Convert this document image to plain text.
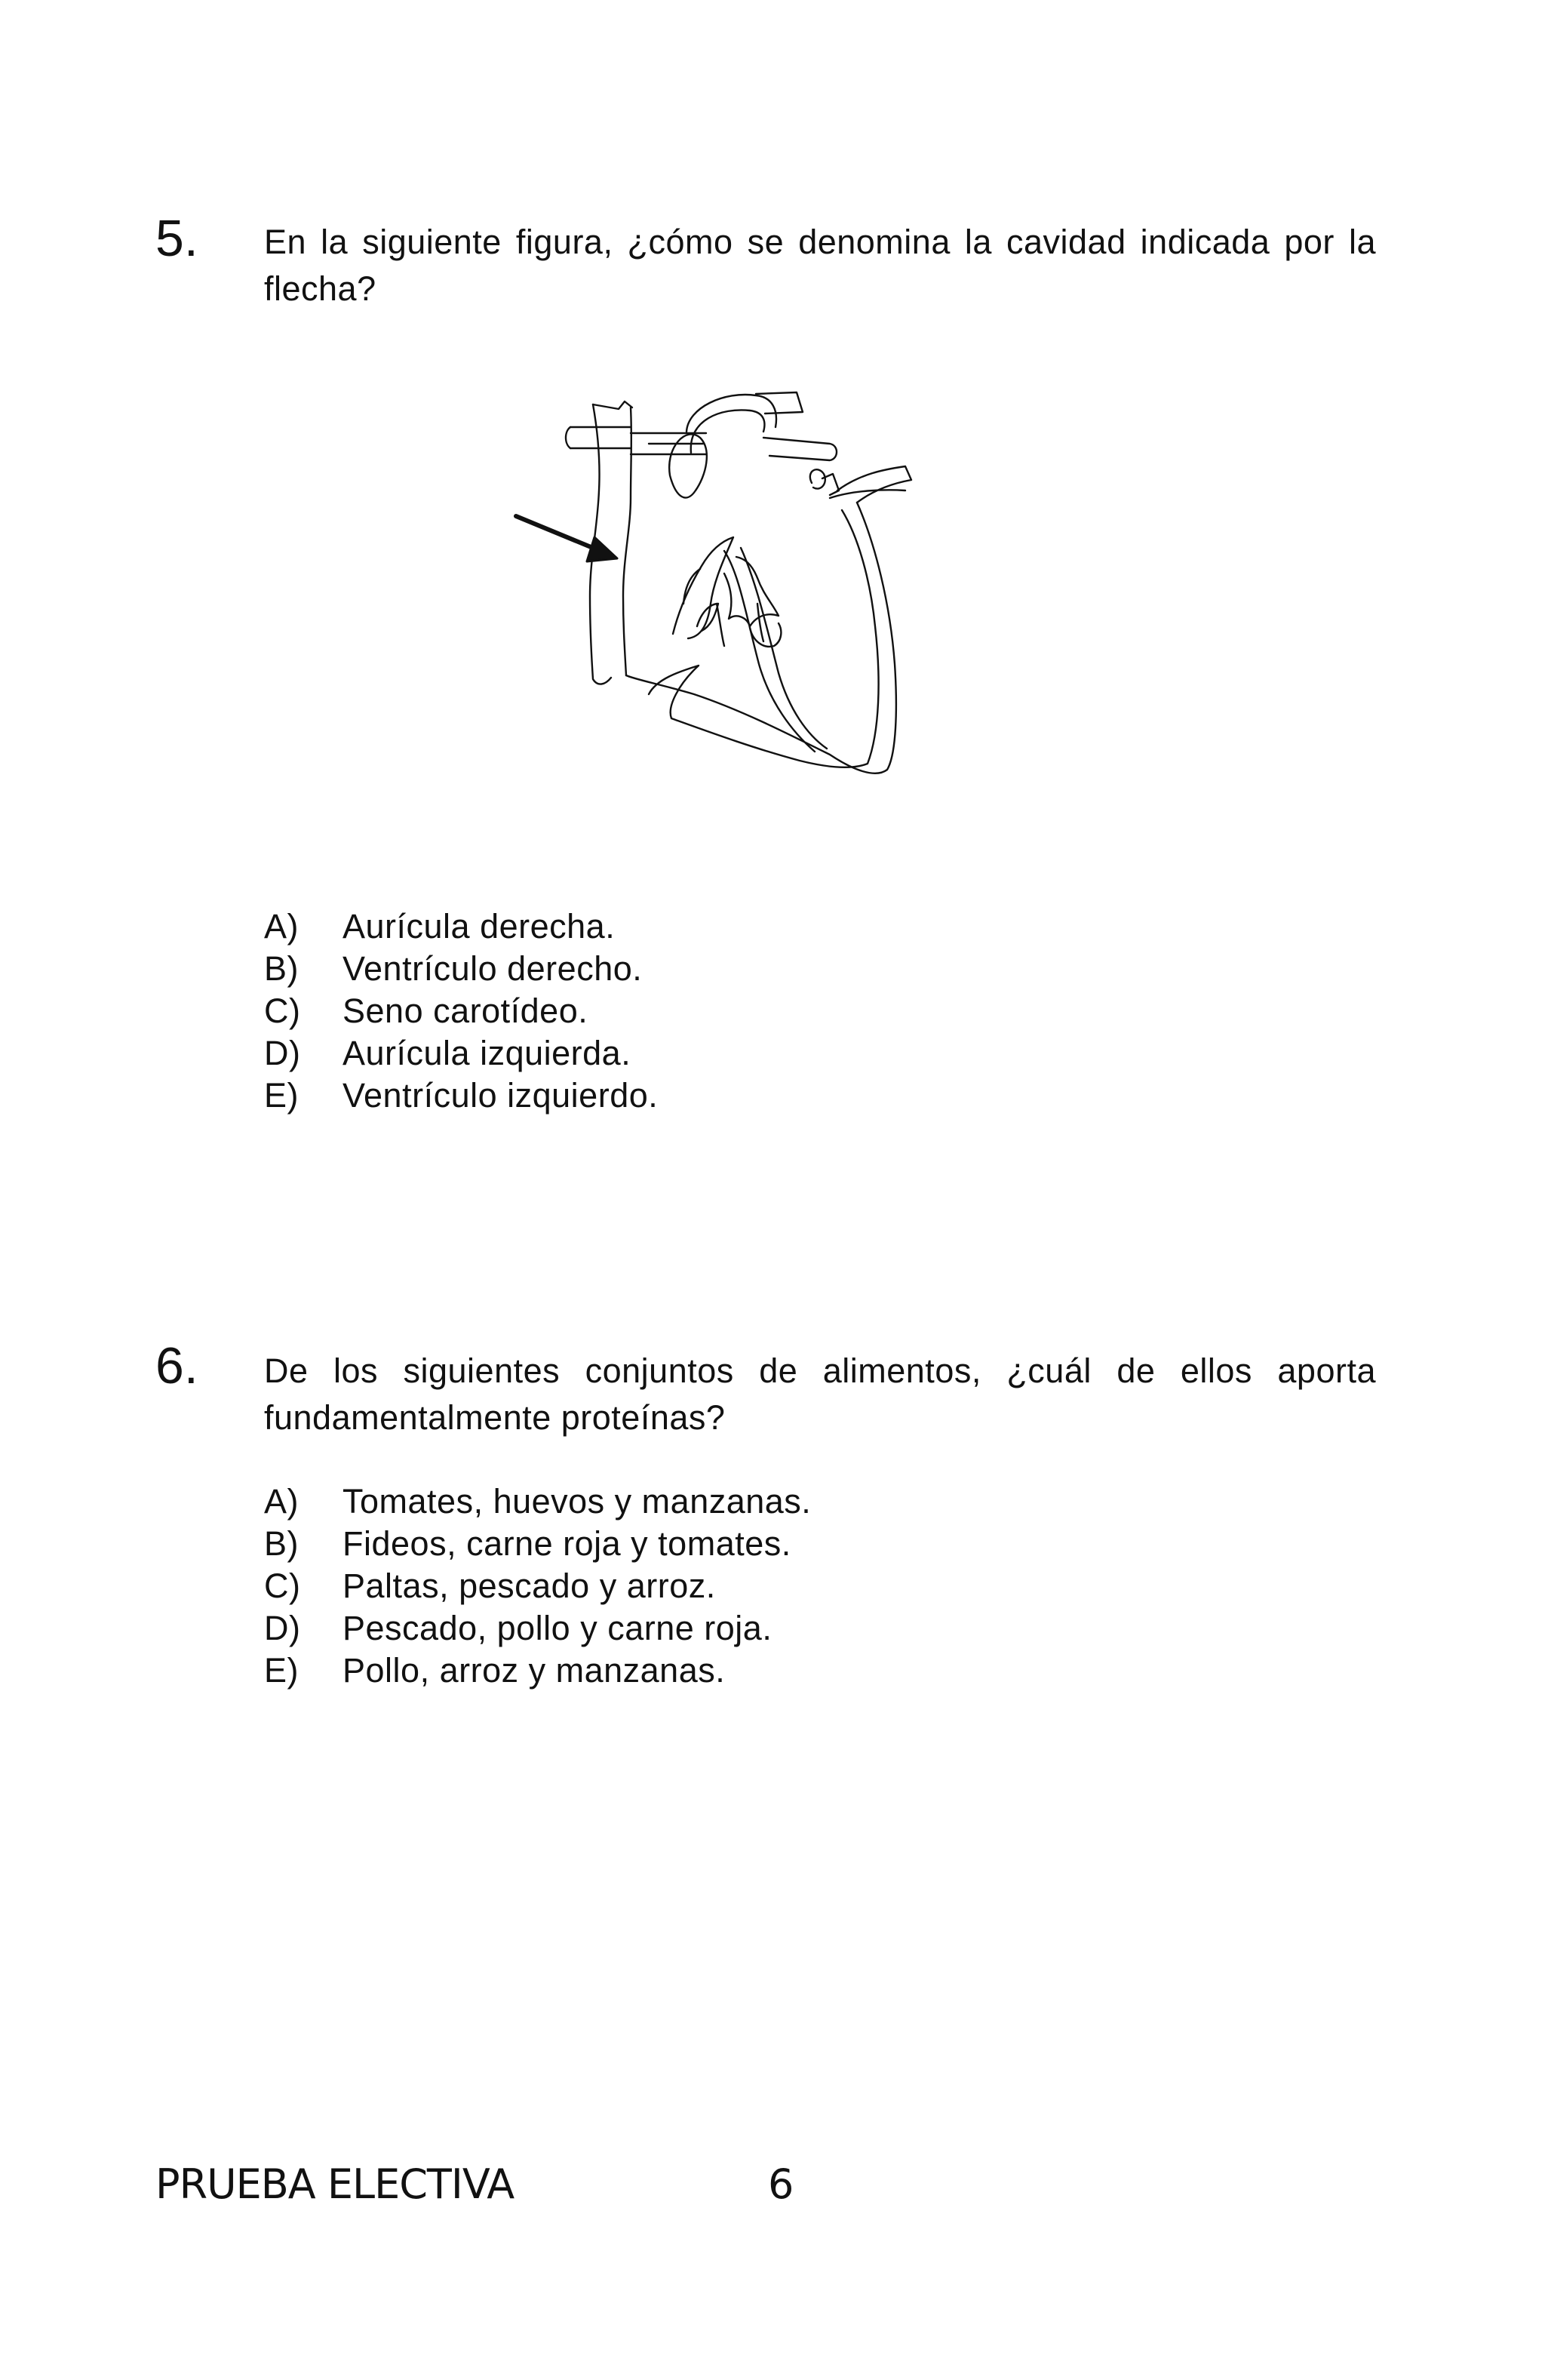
5. En la siguiente figura, ¿cómo se denomina la cavidad indicada por la flecha?
A) Aurícula derecha.
B) Ventrículo derecho.
C) Seno carotídeo.
D) Aurícula izquierda.
E) Ventrículo izquierdo.
6. De los siguientes conjuntos de alimentos, ¿cuál de ellos aporta fundamentalmente proteínas?
A) Tomates, huevos y manzanas.
B) Fideos, carne roja y tomates.
C) Paltas, pescado y arroz.
D) Pescado, pollo y carne roja.
E) Pollo, arroz y manzanas.
PRUEBA ELECTIVA	6
